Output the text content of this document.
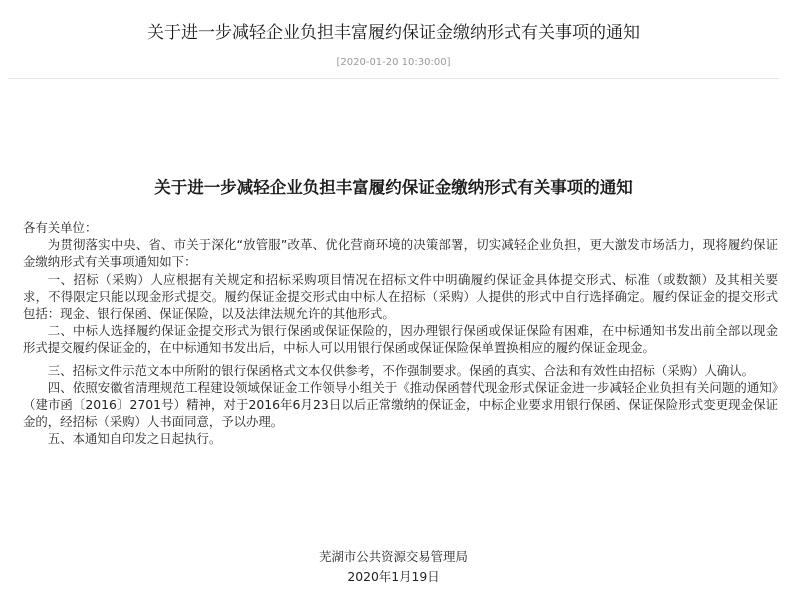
关于进一步减轻企业负担丰富履约保证金缴纳形式有关事项的通知
[2020-01-20 10:30:00]
关于进一步减轻企业负担丰富履约保证金缴纳形式有关事项的通知

各有关单位：

为贯彻落实中央、省、市关于深化“放管服”改革、优化营商环境的决策部署，切实减轻企业负担，更大激发市场活力，现将履约保证金缴纳形式有关事项通知如下：

一、招标（采购）人应根据有关规定和招标采购项目情况在招标文件中明确履约保证金具体提交形式、标准（或数额）及其相关要求，不得限定只能以现金形式提交。履约保证金提交形式由中标人在招标（采购）人提供的形式中自行选择确定。履约保证金的提交形式包括：现金、银行保函、保证保险，以及法律法规允许的其他形式。

二、中标人选择履约保证金提交形式为银行保函或保证保险的，因办理银行保函或保证保险有困难，在中标通知书发出前全部以现金形式提交履约保证金的，在中标通知书发出后，中标人可以用银行保函或保证保险保单置换相应的履约保证金现金。

三、招标文件示范文本中所附的银行保函格式文本仅供参考，不作强制要求。保函的真实、合法和有效性由招标（采购）人确认。

四、依照安徽省清理规范工程建设领域保证金工作领导小组关于《推动保函替代现金形式保证金进一步减轻企业负担有关问题的通知》（建市函〔2016〕2701号）精神，对于2016年6月23日以后正常缴纳的保证金，中标企业要求用银行保函、保证保险形式变更现金保证金的，经招标（采购）人书面同意，予以办理。

五、本通知自印发之日起执行。

芜湖市公共资源交易管理局
2020年1月19日
